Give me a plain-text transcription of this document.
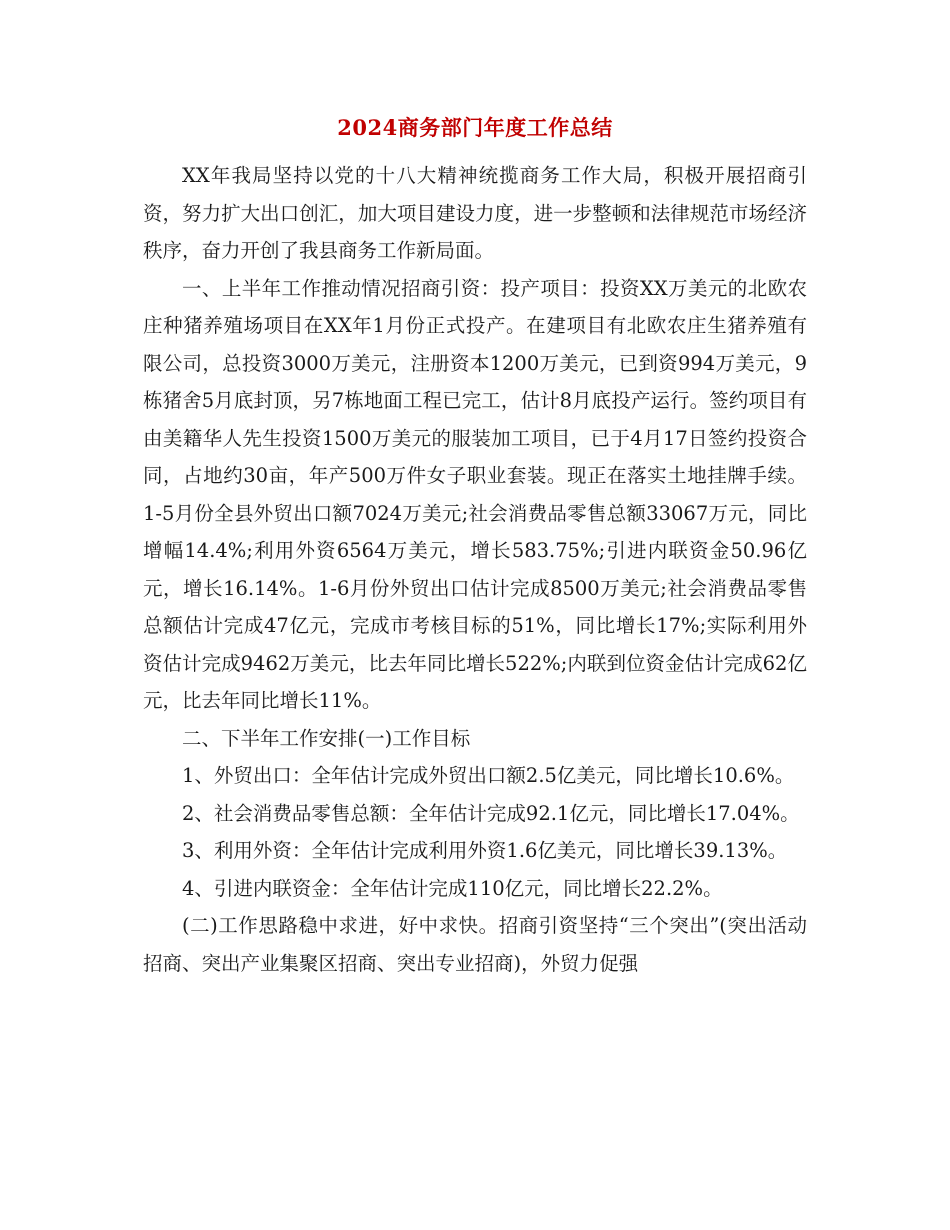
2024商务部门年度工作总结

XX年我局坚持以党的十八大精神统揽商务工作大局，积极开展招商引资，努力扩大出口创汇，加大项目建设力度，进一步整顿和法律规范市场经济秩序，奋力开创了我县商务工作新局面。

一、上半年工作推动情况招商引资：投产项目：投资XX万美元的北欧农庄种猪养殖场项目在XX年1月份正式投产。在建项目有北欧农庄生猪养殖有限公司，总投资3000万美元，注册资本1200万美元，已到资994万美元，9栋猪舍5月底封顶，另7栋地面工程已完工，估计8月底投产运行。签约项目有由美籍华人先生投资1500万美元的服装加工项目，已于4月17日签约投资合同，占地约30亩，年产500万件女子职业套装。现正在落实土地挂牌手续。1-5月份全县外贸出口额7024万美元;社会消费品零售总额33067万元，同比增幅14.4%;利用外资6564万美元，增长583.75%;引进内联资金50.96亿元，增长16.14%。1-6月份外贸出口估计完成8500万美元;社会消费品零售总额估计完成47亿元，完成市考核目标的51%，同比增长17%;实际利用外资估计完成9462万美元，比去年同比增长522%;内联到位资金估计完成62亿元，比去年同比增长11%。

二、下半年工作安排(一)工作目标

1、外贸出口：全年估计完成外贸出口额2.5亿美元，同比增长10.6%。

2、社会消费品零售总额：全年估计完成92.1亿元，同比增长17.04%。

3、利用外资：全年估计完成利用外资1.6亿美元，同比增长39.13%。

4、引进内联资金：全年估计完成110亿元，同比增长22.2%。

(二)工作思路稳中求进，好中求快。招商引资坚持“三个突出”(突出活动招商、突出产业集聚区招商、突出专业招商)，外贸力促强
